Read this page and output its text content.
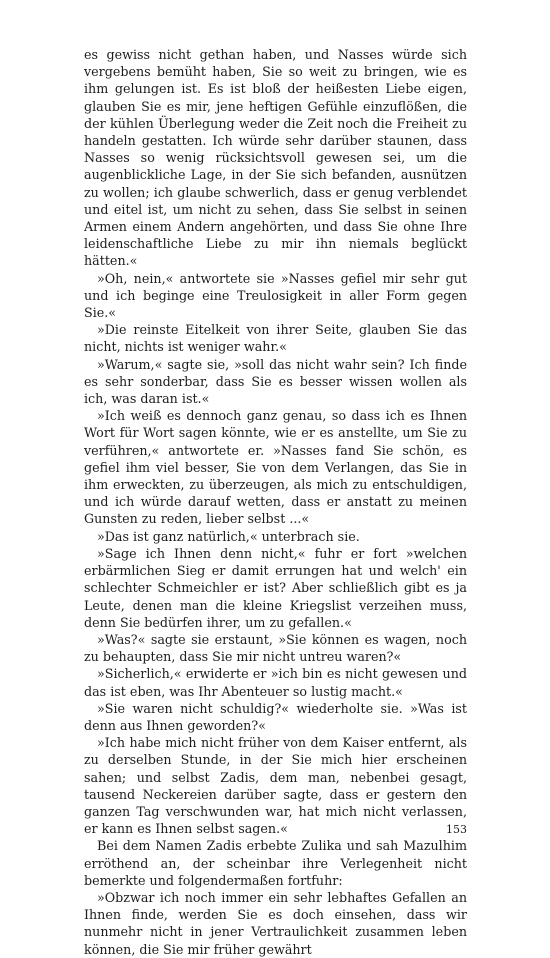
es gewiss nicht gethan haben, und Nasses würde sich vergebens bemüht haben, Sie so weit zu bringen, wie es ihm gelungen ist. Es ist bloß der heißesten Liebe eigen, glauben Sie es mir, jene heftigen Gefühle einzuflößen, die der kühlen Überlegung weder die Zeit noch die Freiheit zu handeln gestatten. Ich würde sehr darüber staunen, dass Nasses so wenig rücksichtsvoll gewesen sei, um die augenblickliche Lage, in der Sie sich befanden, ausnützen zu wollen; ich glaube schwerlich, dass er genug verblendet und eitel ist, um nicht zu sehen, dass Sie selbst in seinen Armen einem Andern angehörten, und dass Sie ohne Ihre leidenschaftliche Liebe zu mir ihn niemals beglückt hätten.«

»Oh, nein,« antwortete sie »Nasses gefiel mir sehr gut und ich beginge eine Treulosigkeit in aller Form gegen Sie.«

»Die reinste Eitelkeit von ihrer Seite, glauben Sie das nicht, nichts ist weniger wahr.«

»Warum,« sagte sie, »soll das nicht wahr sein? Ich finde es sehr sonderbar, dass Sie es besser wissen wollen als ich, was daran ist.«

»Ich weiß es dennoch ganz genau, so dass ich es Ihnen Wort für Wort sagen könnte, wie er es anstellte, um Sie zu verführen,« antwortete er. »Nasses fand Sie schön, es gefiel ihm viel besser, Sie von dem Verlangen, das Sie in ihm erweckten, zu überzeugen, als mich zu entschuldigen, und ich würde darauf wetten, dass er anstatt zu meinen Gunsten zu reden, lieber selbst ...«

»Das ist ganz natürlich,« unterbrach sie.

»Sage ich Ihnen denn nicht,« fuhr er fort »welchen erbärmlichen Sieg er damit errungen hat und welch' ein schlechter Schmeichler er ist? Aber schließlich gibt es ja Leute, denen man die kleine Kriegslist verzeihen muss, denn Sie bedürfen ihrer, um zu gefallen.«

»Was?« sagte sie erstaunt, »Sie können es wagen, noch zu behaupten, dass Sie mir nicht untreu waren?«

»Sicherlich,« erwiderte er »ich bin es nicht gewesen und das ist eben, was Ihr Abenteuer so lustig macht.«

»Sie waren nicht schuldig?« wiederholte sie. »Was ist denn aus Ihnen geworden?«

»Ich habe mich nicht früher von dem Kaiser entfernt, als zu derselben Stunde, in der Sie mich hier erscheinen sahen; und selbst Zadis, dem man, nebenbei gesagt, tausend Neckereien darüber sagte, dass er gestern den ganzen Tag verschwunden war, hat mich nicht verlassen, er kann es Ihnen selbst sagen.«

Bei dem Namen Zadis erbebte Zulika und sah Mazulhim erröthend an, der scheinbar ihre Verlegenheit nicht bemerkte und folgendermaßen fortfuhr:

»Obzwar ich noch immer ein sehr lebhaftes Gefallen an Ihnen finde, werden Sie es doch einsehen, dass wir nunmehr nicht in jener Vertraulichkeit zusammen leben können, die Sie mir früher gewährt

153
